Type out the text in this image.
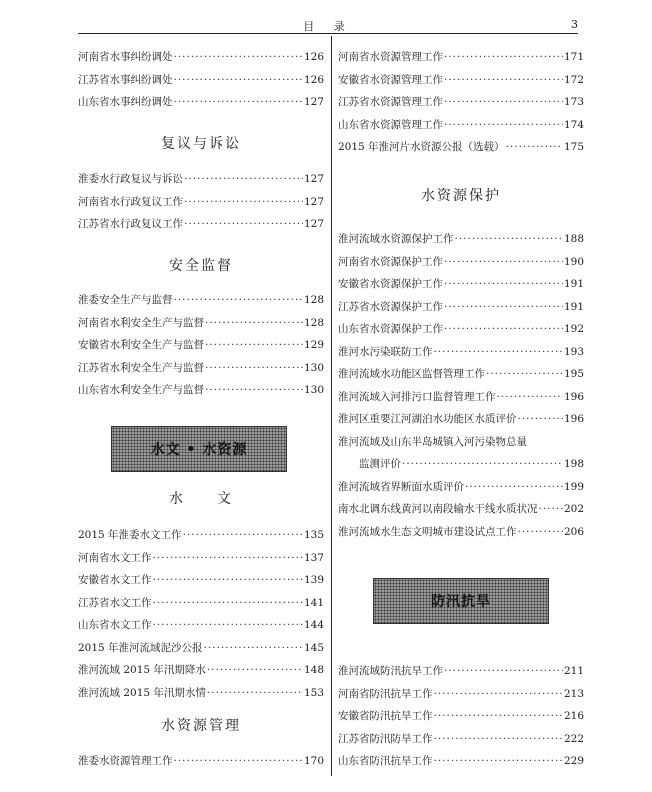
目 录	3
河南省水事纠纷调处 ·····	126
江苏省水事纠纷调处 ·····	126
山东省水事纠纷调处 ·····	127
复议与诉讼
淮委水行政复议与诉讼 ·····	127
河南省水行政复议工作 ·····	127
江苏省水行政复议工作 ·····	127
安全监督
淮委安全生产与监督 ·····	128
河南省水利安全生产与监督 ·····	128
安徽省水利安全生产与监督 ·····	129
江苏省水利安全生产与监督 ·····	130
山东省水利安全生产与监督 ·····	130
水文 • 水资源
水　　文
2015 年淮委水文工作 ·····	135
河南省水文工作 ·····	137
安徽省水文工作 ·····	139
江苏省水文工作 ·····	141
山东省水文工作 ·····	144
2015 年淮河流域泥沙公报 ·····	145
淮河流域 2015 年汛期降水 ·····	148
淮河流域 2015 年汛期水情 ·····	153
水资源管理
淮委水资源管理工作 ·····	170
河南省水资源管理工作 ·····	171
安徽省水资源管理工作 ·····	172
江苏省水资源管理工作 ·····	173
山东省水资源管理工作 ·····	174
2015 年淮河片水资源公报（选载） ·····	175
水资源保护
淮河流域水资源保护工作 ·····	188
河南省水资源保护工作 ·····	190
安徽省水资源保护工作 ·····	191
江苏省水资源保护工作 ·····	191
山东省水资源保护工作 ·····	192
淮河水污染联防工作 ·····	193
淮河流域水功能区监督管理工作 ·····	195
淮河流域入河排污口监督管理工作 ·····	196
淮河区重要江河湖泊水功能区水质评价 ·····	196
淮河流域及山东半岛城镇入河污染物总量
　　监测评价 ·····	198
淮河流域省界断面水质评价 ·····	199
南水北调东线黄河以南段输水干线水质状况 ·····	202
淮河流域水生态文明城市建设试点工作 ·····	206
防汛抗旱
淮河流域防汛抗旱工作 ·····	211
河南省防汛抗旱工作 ·····	213
安徽省防汛抗旱工作 ·····	216
江苏省防汛防旱工作 ·····	222
山东省防汛抗旱工作 ·····	229
